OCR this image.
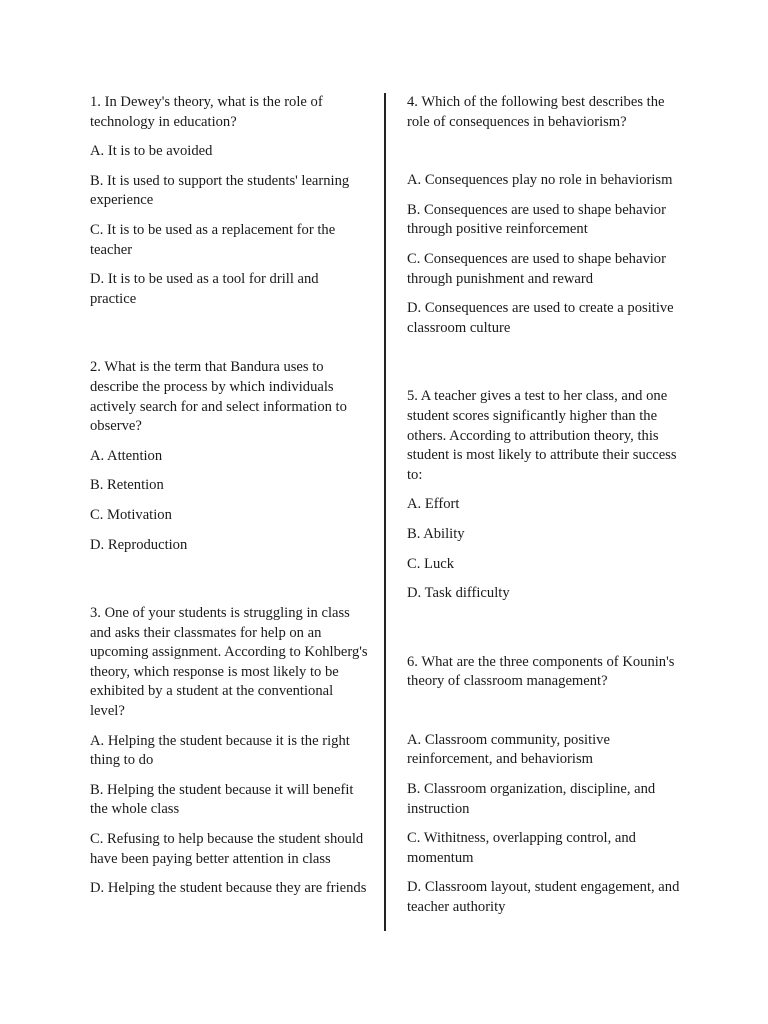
1. In Dewey's theory, what is the role of technology in education?

A. It is to be avoided

B. It is used to support the students' learning experience

C. It is to be used as a replacement for the teacher

D. It is to be used as a tool for drill and practice

2. What is the term that Bandura uses to describe the process by which individuals actively search for and select information to observe?

A. Attention

B. Retention

C. Motivation

D. Reproduction

3. One of your students is struggling in class and asks their classmates for help on an upcoming assignment. According to Kohlberg's theory, which response is most likely to be exhibited by a student at the conventional level?

A. Helping the student because it is the right thing to do

B. Helping the student because it will benefit the whole class

C. Refusing to help because the student should have been paying better attention in class

D. Helping the student because they are friends

4. Which of the following best describes the role of consequences in behaviorism?

A. Consequences play no role in behaviorism

B. Consequences are used to shape behavior through positive reinforcement

C. Consequences are used to shape behavior through punishment and reward

D. Consequences are used to create a positive classroom culture

5. A teacher gives a test to her class, and one student scores significantly higher than the others. According to attribution theory, this student is most likely to attribute their success to:

A. Effort

B. Ability

C. Luck

D. Task difficulty

6. What are the three components of Kounin's theory of classroom management?

A. Classroom community, positive reinforcement, and behaviorism

B. Classroom organization, discipline, and instruction

C. Withitness, overlapping control, and momentum

D. Classroom layout, student engagement, and teacher authority
